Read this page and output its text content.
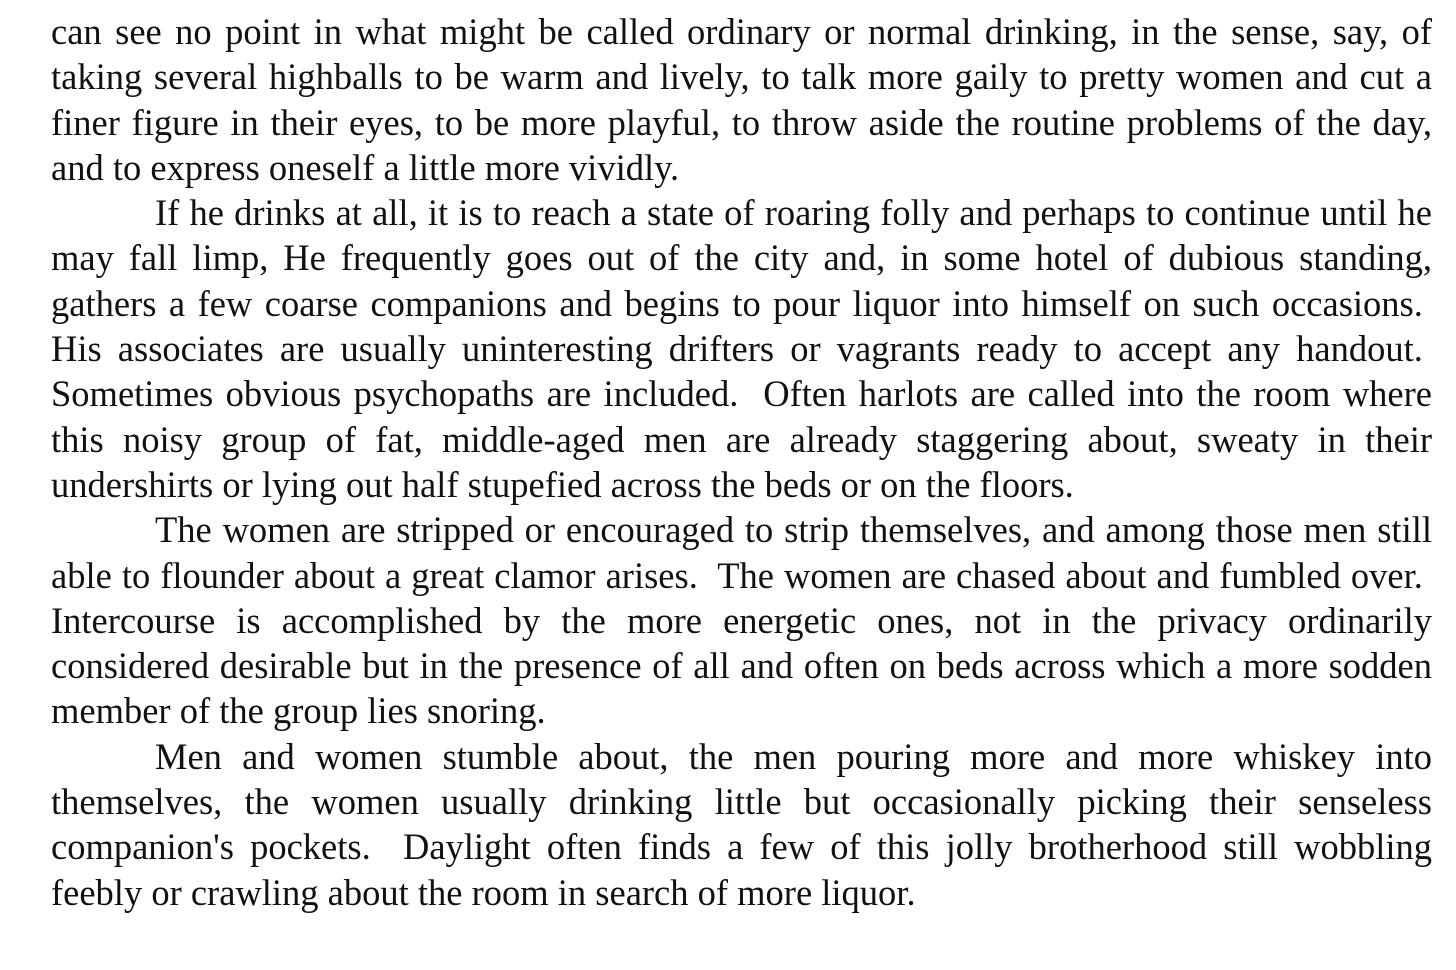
can see no point in what might be called ordinary or normal drinking, in the sense, say, of taking several highballs to be warm and lively, to talk more gaily to pretty women and cut a finer figure in their eyes, to be more playful, to throw aside the routine problems of the day, and to express oneself a little more vividly.

If he drinks at all, it is to reach a state of roaring folly and perhaps to continue until he may fall limp, He frequently goes out of the city and, in some hotel of dubious standing, gathers a few coarse companions and begins to pour liquor into himself on such occasions.  His associates are usually uninteresting drifters or vagrants ready to accept any handout.  Sometimes obvious psychopaths are included.  Often harlots are called into the room where this noisy group of fat, middle-aged men are already staggering about, sweaty in their undershirts or lying out half stupefied across the beds or on the floors.

The women are stripped or encouraged to strip themselves, and among those men still able to flounder about a great clamor arises.  The women are chased about and fumbled over.  Intercourse is accomplished by the more energetic ones, not in the privacy ordinarily considered desirable but in the presence of all and often on beds across which a more sodden member of the group lies snoring.

Men and women stumble about, the men pouring more and more whiskey into themselves, the women usually drinking little but occasionally picking their senseless companion's pockets.  Daylight often finds a few of this jolly brotherhood still wobbling feebly or crawling about the room in search of more liquor.
